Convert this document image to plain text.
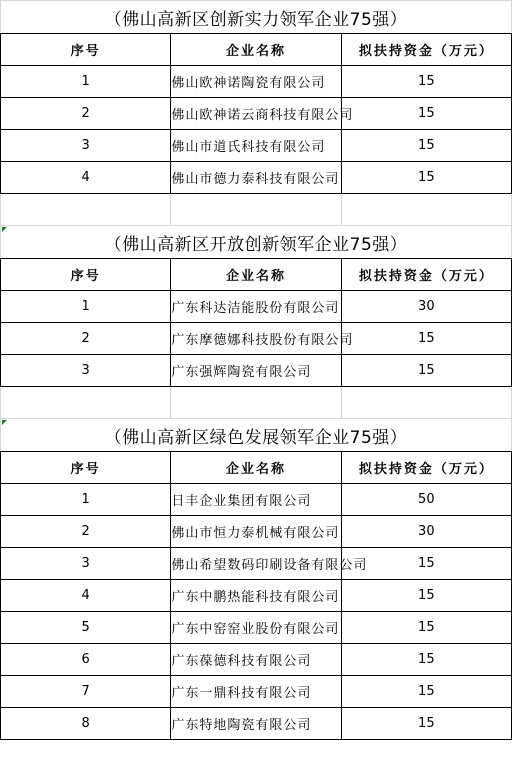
（佛山高新区创新实力领军企业75强）		
序号	企业名称	拟扶持资金（万元）
1	佛山欧神诺陶瓷有限公司	15
2	佛山欧神诺云商科技有限公司	15
3	佛山市道氏科技有限公司	15
4	佛山市德力泰科技有限公司	15

（佛山高新区开放创新领军企业75强）		
序号	企业名称	拟扶持资金（万元）
1	广东科达洁能股份有限公司	30
2	广东摩德娜科技股份有限公司	15
3	广东强辉陶瓷有限公司	15

（佛山高新区绿色发展领军企业75强）		
序号	企业名称	拟扶持资金（万元）
1	日丰企业集团有限公司	50
2	佛山市恒力泰机械有限公司	30
3	佛山希望数码印刷设备有限公司	15
4	广东中鹏热能科技有限公司	15
5	广东中窑窑业股份有限公司	15
6	广东葆德科技有限公司	15
7	广东一鼎科技有限公司	15
8	广东特地陶瓷有限公司	15
